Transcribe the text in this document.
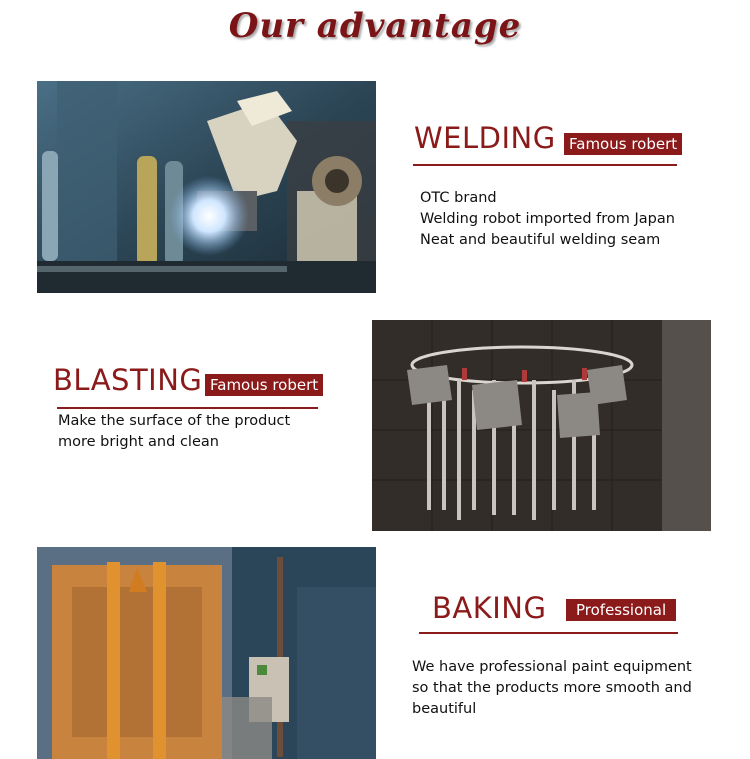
Our advantage
WELDING Famous robert
OTC brand
Welding robot imported from Japan
Neat and beautiful welding seam
BLASTING Famous robert
Make the surface of the product
more bright and clean
BAKING	Professional
We have professional paint equipment
so that the products more smooth and
beautiful
